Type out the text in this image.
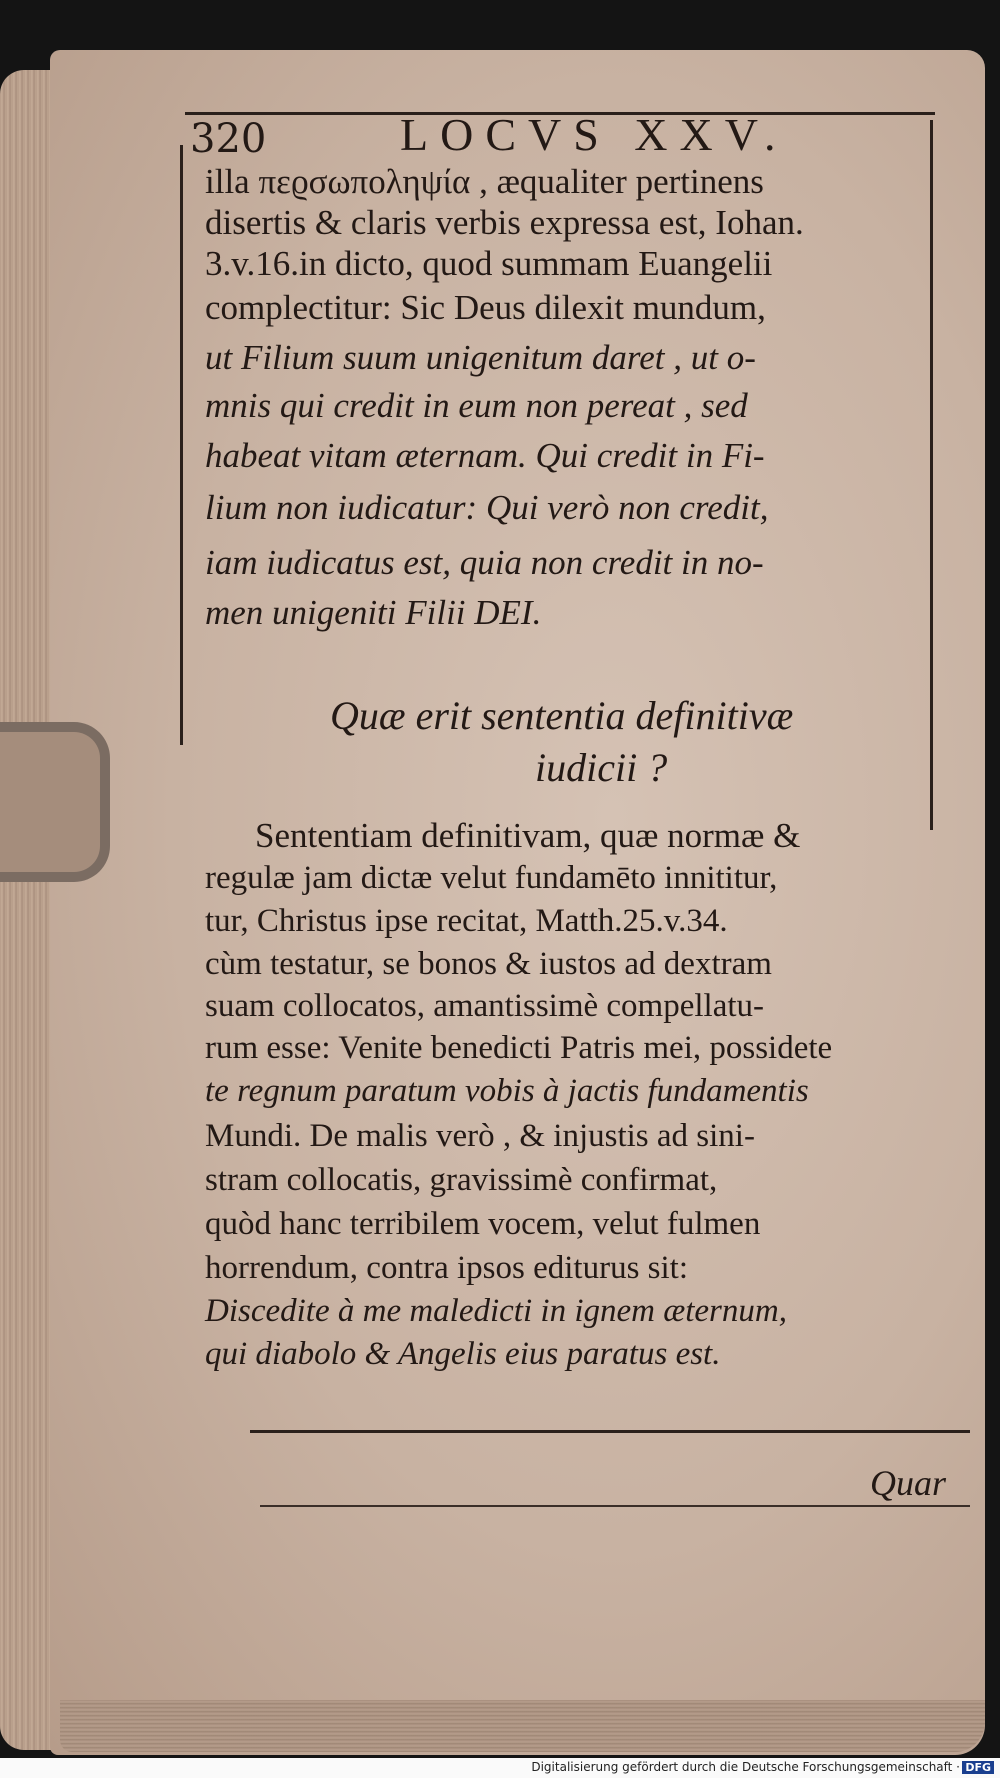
320	LOCVS XXV.
illa πεϱσωποληψία , æqualiter pertinens
disertis & claris verbis expressa est, Iohan.
3.v.16.in dicto, quod summam Euangelii
complectitur: Sic Deus dilexit mundum,
ut Filium suum unigenitum daret , ut o-
mnis qui credit in eum non pereat , sed
habeat vitam æternam. Qui credit in Fi-
lium non iudicatur: Qui verò non credit,
iam iudicatus est, quia non credit in no-
men unigeniti Filii DEI.
Quæ erit sententia definitivæ
iudicii ?
Sententiam definitivam, quæ normæ &
regulæ jam dictæ velut fundamēto innititur,
tur, Christus ipse recitat, Matth.25.v.34.
cùm testatur, se bonos & iustos ad dextram
suam collocatos, amantissimè compellatu-
rum esse: Venite benedicti Patris mei, possidete
te regnum paratum vobis à jactis fundamentis
Mundi. De malis verò , & injustis ad sini-
stram collocatis, gravissimè confirmat,
quòd hanc terribilem vocem, velut fulmen
horrendum, contra ipsos editurus sit:
Discedite à me maledicti in ignem æternum,
qui diabolo & Angelis eius paratus est.
Quar
Digitalisierung gefördert durch die Deutsche Forschungsgemeinschaft · DFG
